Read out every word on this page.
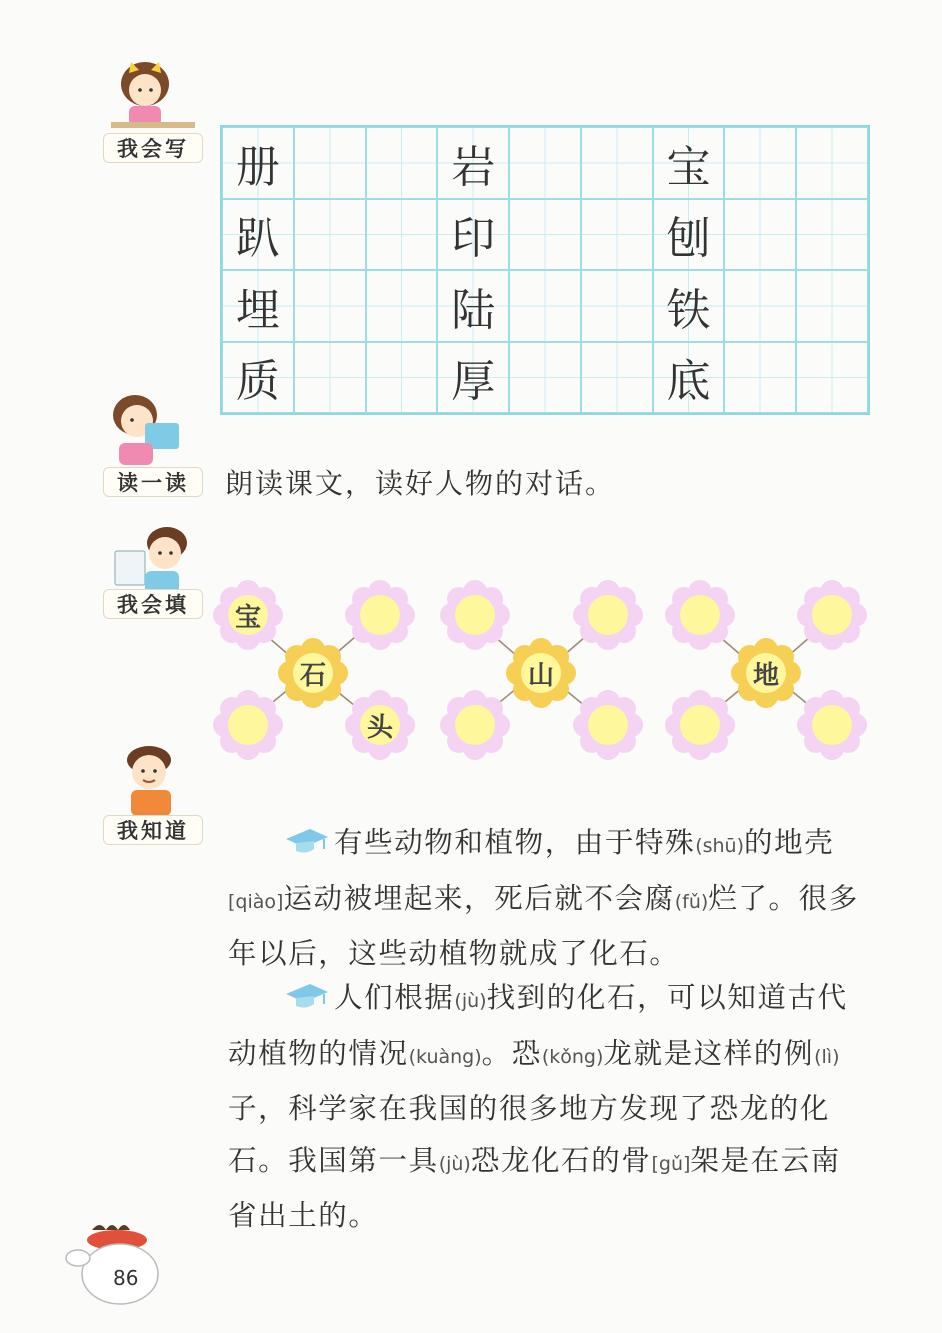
我会写	册	岩	宝
趴	印	刨
埋	陆	铁
质	厚	底
读一读	朗读课文，读好人物的对话。
我会填	宝
石
头
山	地
我知道	有些动物和植物，由于特殊(shū)的地壳[qiào]运动被埋起来，死后就不会腐(fǔ)烂了。很多年以后，这些动植物就成了化石。
人们根据(jù)找到的化石，可以知道古代动植物的情况(kuàng)。恐(kǒng)龙就是这样的例(lì)子，科学家在我国的很多地方发现了恐龙的化石。我国第一具(jù)恐龙化石的骨[gǔ]架是在云南省出土的。
86
